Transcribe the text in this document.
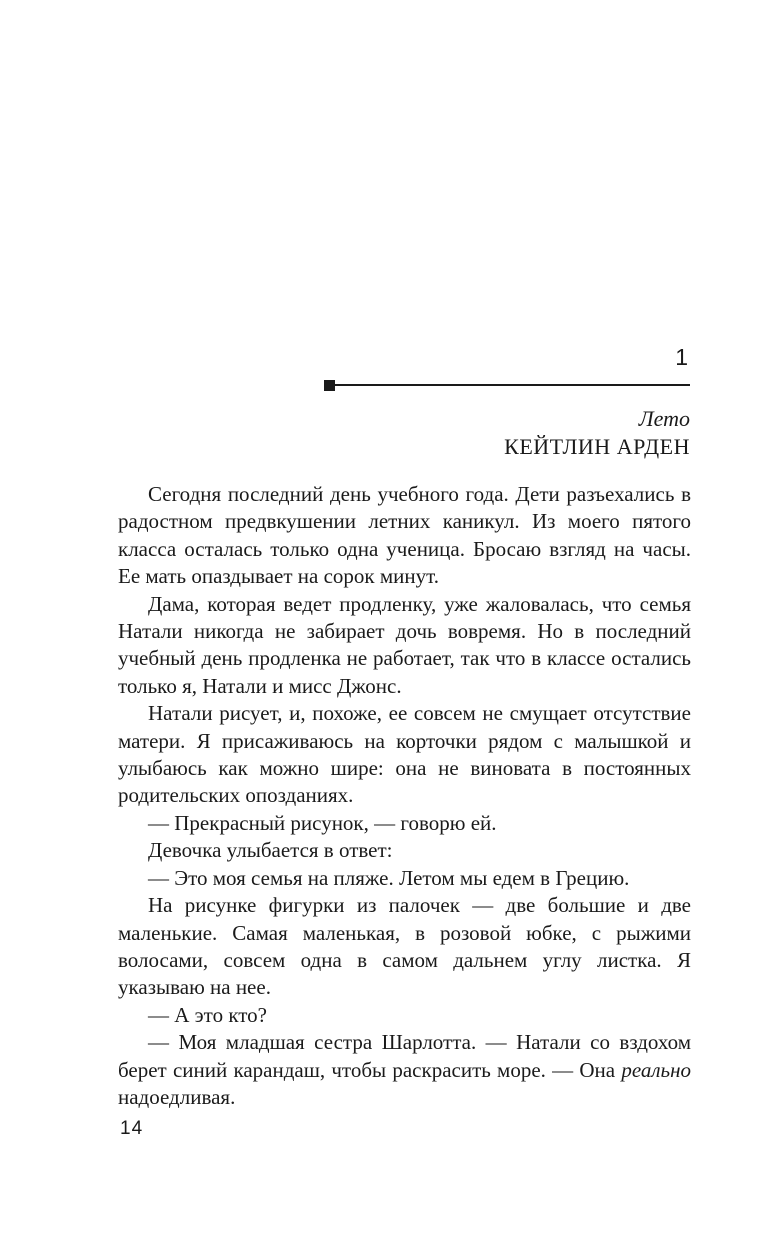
1
Лето
КЕЙТЛИН АРДЕН

Сегодня последний день учебного года. Дети разъехались в радостном предвкушении летних каникул. Из моего пятого класса осталась только одна ученица. Бросаю взгляд на часы. Ее мать опаздывает на сорок минут.

Дама, которая ведет продленку, уже жаловалась, что семья Натали никогда не забирает дочь вовремя. Но в последний учебный день продленка не работает, так что в классе остались только я, Натали и мисс Джонс.

Натали рисует, и, похоже, ее совсем не смущает отсутствие матери. Я присаживаюсь на корточки рядом с малышкой и улыбаюсь как можно шире: она не виновата в постоянных родительских опозданиях.

— Прекрасный рисунок, — говорю ей.

Девочка улыбается в ответ:

— Это моя семья на пляже. Летом мы едем в Грецию.

На рисунке фигурки из палочек — две большие и две маленькие. Самая маленькая, в розовой юбке, с рыжими волосами, совсем одна в самом дальнем углу листка. Я указываю на нее.

— А это кто?

— Моя младшая сестра Шарлотта. — Натали со вздохом берет синий карандаш, чтобы раскрасить море. — Она реально надоедливая.

14
